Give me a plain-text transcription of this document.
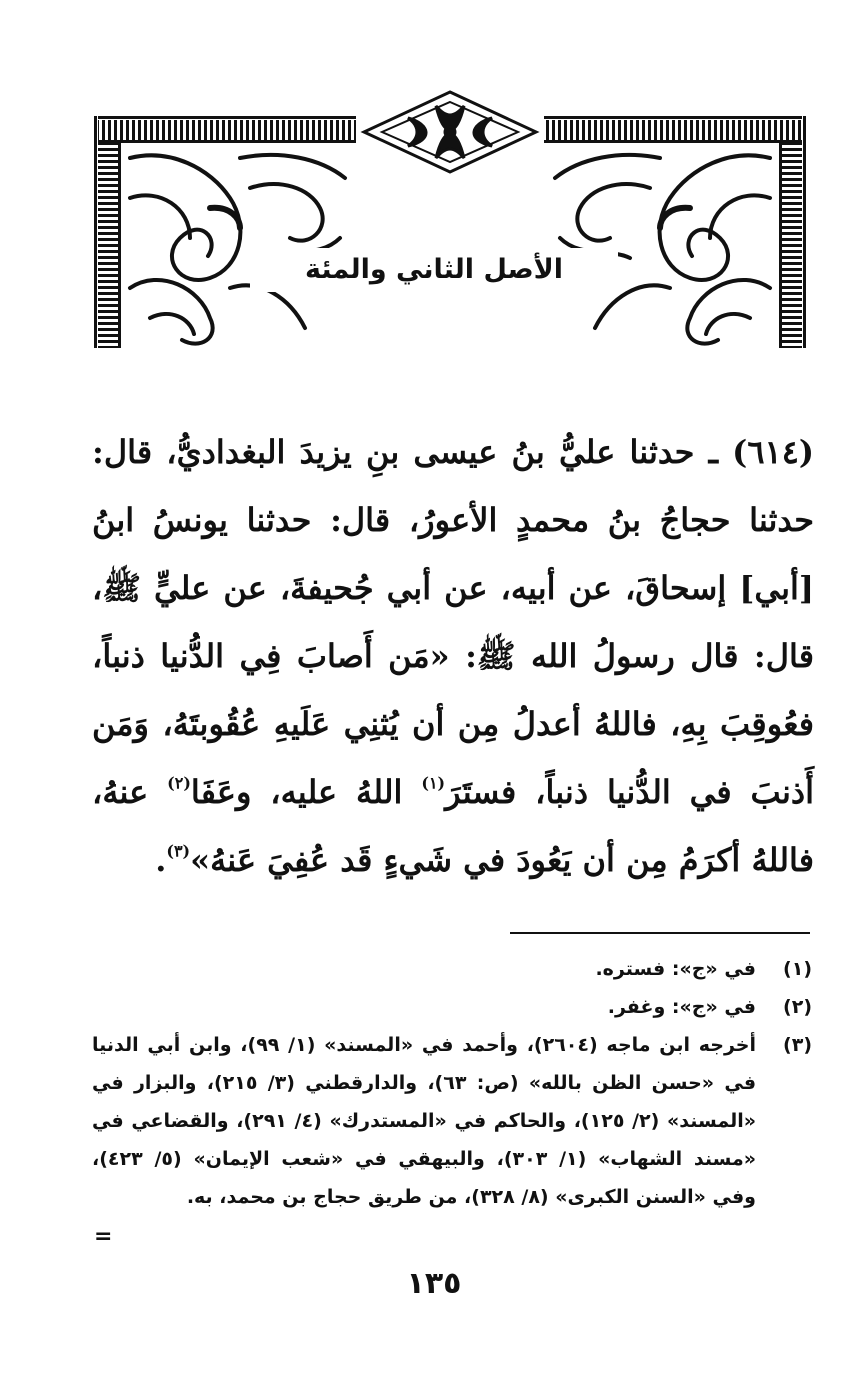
الأصل الثاني والمئة
(٦١٤) ـ حدثنا عليُّ بنُ عيسى بنِ يزيدَ البغداديُّ، قال: حدثنا حجاجُ بنُ محمدٍ الأعورُ، قال: حدثنا يونسُ ابنُ [أبي] إسحاقَ، عن أبيه، عن أبي جُحيفةَ، عن عليٍّ ﷺ، قال: قال رسولُ الله ﷺ: «مَن أَصابَ فِي الدُّنيا ذنباً، فعُوقِبَ بِهِ، فاللهُ أعدلُ مِن أن يُثنِي عَلَيهِ عُقُوبتَهُ، وَمَن أَذنبَ في الدُّنيا ذنباً، فستَرَ$^{(١)}$ اللهُ عليه، وعَفَا$^{(٢)}$ عنهُ، فاللهُ أكرَمُ مِن أن يَعُودَ في شَيءٍ قَد عُفِيَ عَنهُ»$^{(٣)}$.
(١)
في «ج»: فستره.
(٢)
في «ج»: وغفر.
(٣)
أخرجه ابن ماجه (٢٦٠٤)، وأحمد في «المسند» (١/ ٩٩)، وابن أبي الدنيا في «حسن الظن بالله» (ص: ٦٣)، والدارقطني (٣/ ٢١٥)، والبزار في «المسند» (٢/ ١٢٥)، والحاكم في «المستدرك» (٤/ ٢٩١)، والقضاعي في «مسند الشهاب» (١/ ٣٠٣)، والبيهقي في «شعب الإيمان» (٥/ ٤٢٣)، وفي «السنن الكبرى» (٨/ ٣٢٨)، من طريق حجاج بن محمد، به.
=
١٣٥
